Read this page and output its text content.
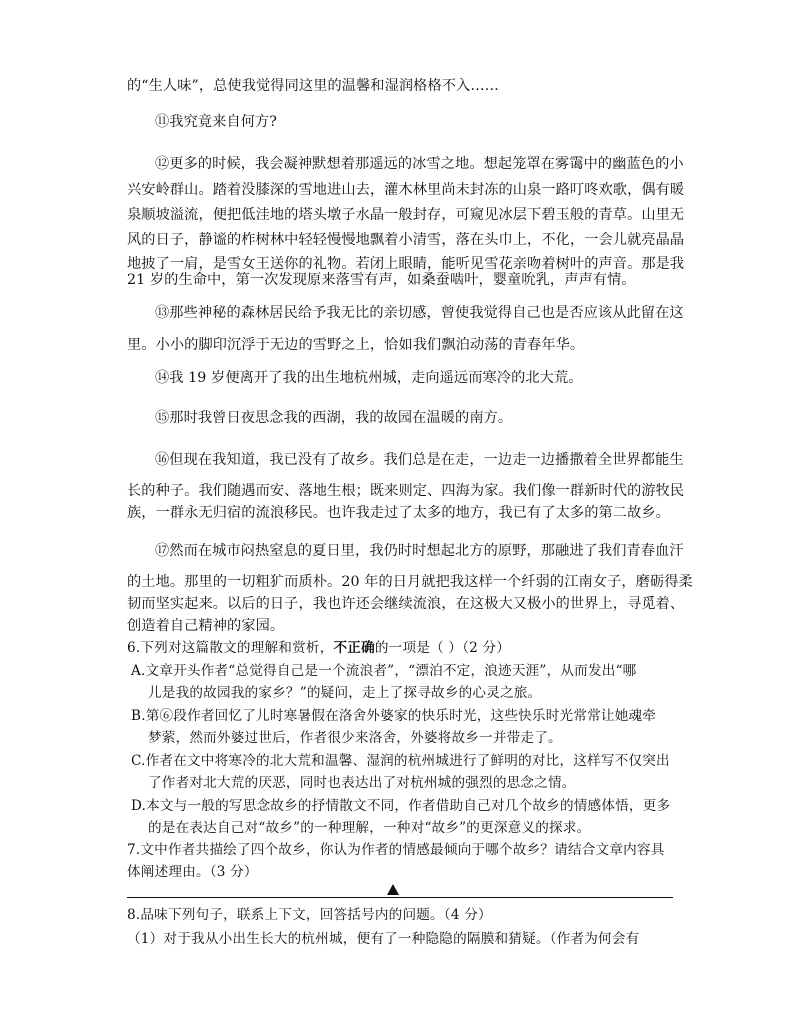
的“生人味”，总使我觉得同这里的温馨和湿润格格不入……
⑪我究竟来自何方?
⑫更多的时候，我会凝神默想着那遥远的冰雪之地。想起笼罩在雾霭中的幽蓝色的小
兴安岭群山。踏着没膝深的雪地进山去，灌木林里尚未封冻的山泉一路叮咚欢歌，偶有暖
泉顺坡溢流，便把低洼地的塔头墩子水晶一般封存，可窥见冰层下碧玉般的青草。山里无
风的日子，静谧的柞树林中轻轻慢慢地飘着小清雪，落在头巾上，不化，一会儿就亮晶晶
地披了一肩，是雪女王送你的礼物。若闭上眼睛，能听见雪花亲吻着树叶的声音。那是我
21 岁的生命中，第一次发现原来落雪有声，如桑蚕啮叶，婴童吮乳，声声有情。
⑬那些神秘的森林居民给予我无比的亲切感，曾使我觉得自己也是否应该从此留在这
里。小小的脚印沉浮于无边的雪野之上，恰如我们飘泊动荡的青春年华。
⑭我 19 岁便离开了我的出生地杭州城，走向遥远而寒冷的北大荒。
⑮那时我曾日夜思念我的西湖，我的故园在温暖的南方。
⑯但现在我知道，我已没有了故乡。我们总是在走，一边走一边播撒着全世界都能生
长的种子。我们随遇而安、落地生根；既来则定、四海为家。我们像一群新时代的游牧民
族，一群永无归宿的流浪移民。也许我走过了太多的地方，我已有了太多的第二故乡。
⑰然而在城市闷热窒息的夏日里，我仍时时想起北方的原野，那融进了我们青春血汗
的土地。那里的一切粗犷而质朴。20 年的日月就把我这样一个纤弱的江南女子，磨砺得柔
韧而坚实起来。以后的日子，我也许还会继续流浪，在这极大又极小的世界上，寻觅着、
创造着自己精神的家园。
6.下列对这篇散文的理解和赏析，不正确的一项是（ ）（2 分）
A.文章开头作者“总觉得自己是一个流浪者”，“漂泊不定，浪迹天涯”，从而发出“哪
儿是我的故园我的家乡？”的疑问，走上了探寻故乡的心灵之旅。
B.第⑥段作者回忆了儿时寒暑假在洛舍外婆家的快乐时光，这些快乐时光常常让她魂牵
梦萦，然而外婆过世后，作者很少来洛舍，外婆将故乡一并带走了。
C.作者在文中将寒冷的北大荒和温馨、湿润的杭州城进行了鲜明的对比，这样写不仅突出
了作者对北大荒的厌恶，同时也表达出了对杭州城的强烈的思念之情。
D.本文与一般的写思念故乡的抒情散文不同，作者借助自己对几个故乡的情感体悟，更多
的是在表达自己对“故乡”的一种理解，一种对“故乡”的更深意义的探求。
7.文中作者共描绘了四个故乡，你认为作者的情感最倾向于哪个故乡？请结合文章内容具
体阐述理由。（3 分）
8.品味下列句子，联系上下文，回答括号内的问题。（4 分）
（1）对于我从小出生长大的杭州城，便有了一种隐隐的隔膜和猜疑。（作者为何会有
